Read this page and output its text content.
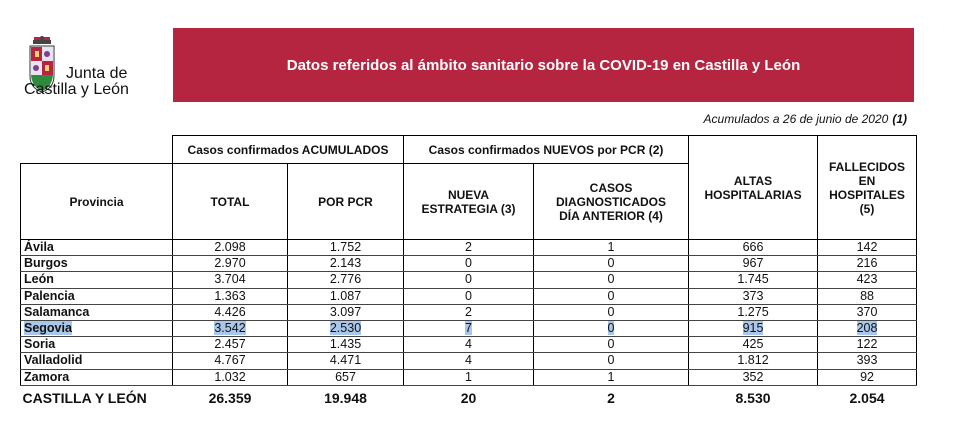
Junta de
Castilla y León
Datos referidos al ámbito sanitario sobre la COVID-19 en Castilla y León
Acumulados a 26 de junio de 2020 (1)
	Casos confirmados ACUMULADOS		Casos confirmados NUEVOS por PCR (2)		ALTAS HOSPITALARIAS	FALLECIDOS EN HOSPITALES (5)
Provincia	TOTAL	POR PCR	NUEVA ESTRATEGIA (3)	CASOS DIAGNOSTICADOS DÍA ANTERIOR (4)		
Ávila	2.098	1.752	2	1	666	142
Burgos	2.970	2.143	0	0	967	216
León	3.704	2.776	0	0	1.745	423
Palencia	1.363	1.087	0	0	373	88
Salamanca	4.426	3.097	2	0	1.275	370
Segovia	3.542	2.530	7	0	915	208
Soria	2.457	1.435	4	0	425	122
Valladolid	4.767	4.471	4	0	1.812	393
Zamora	1.032	657	1	1	352	92
CASTILLA Y LEÓN	26.359	19.948	20	2	8.530	2.054
